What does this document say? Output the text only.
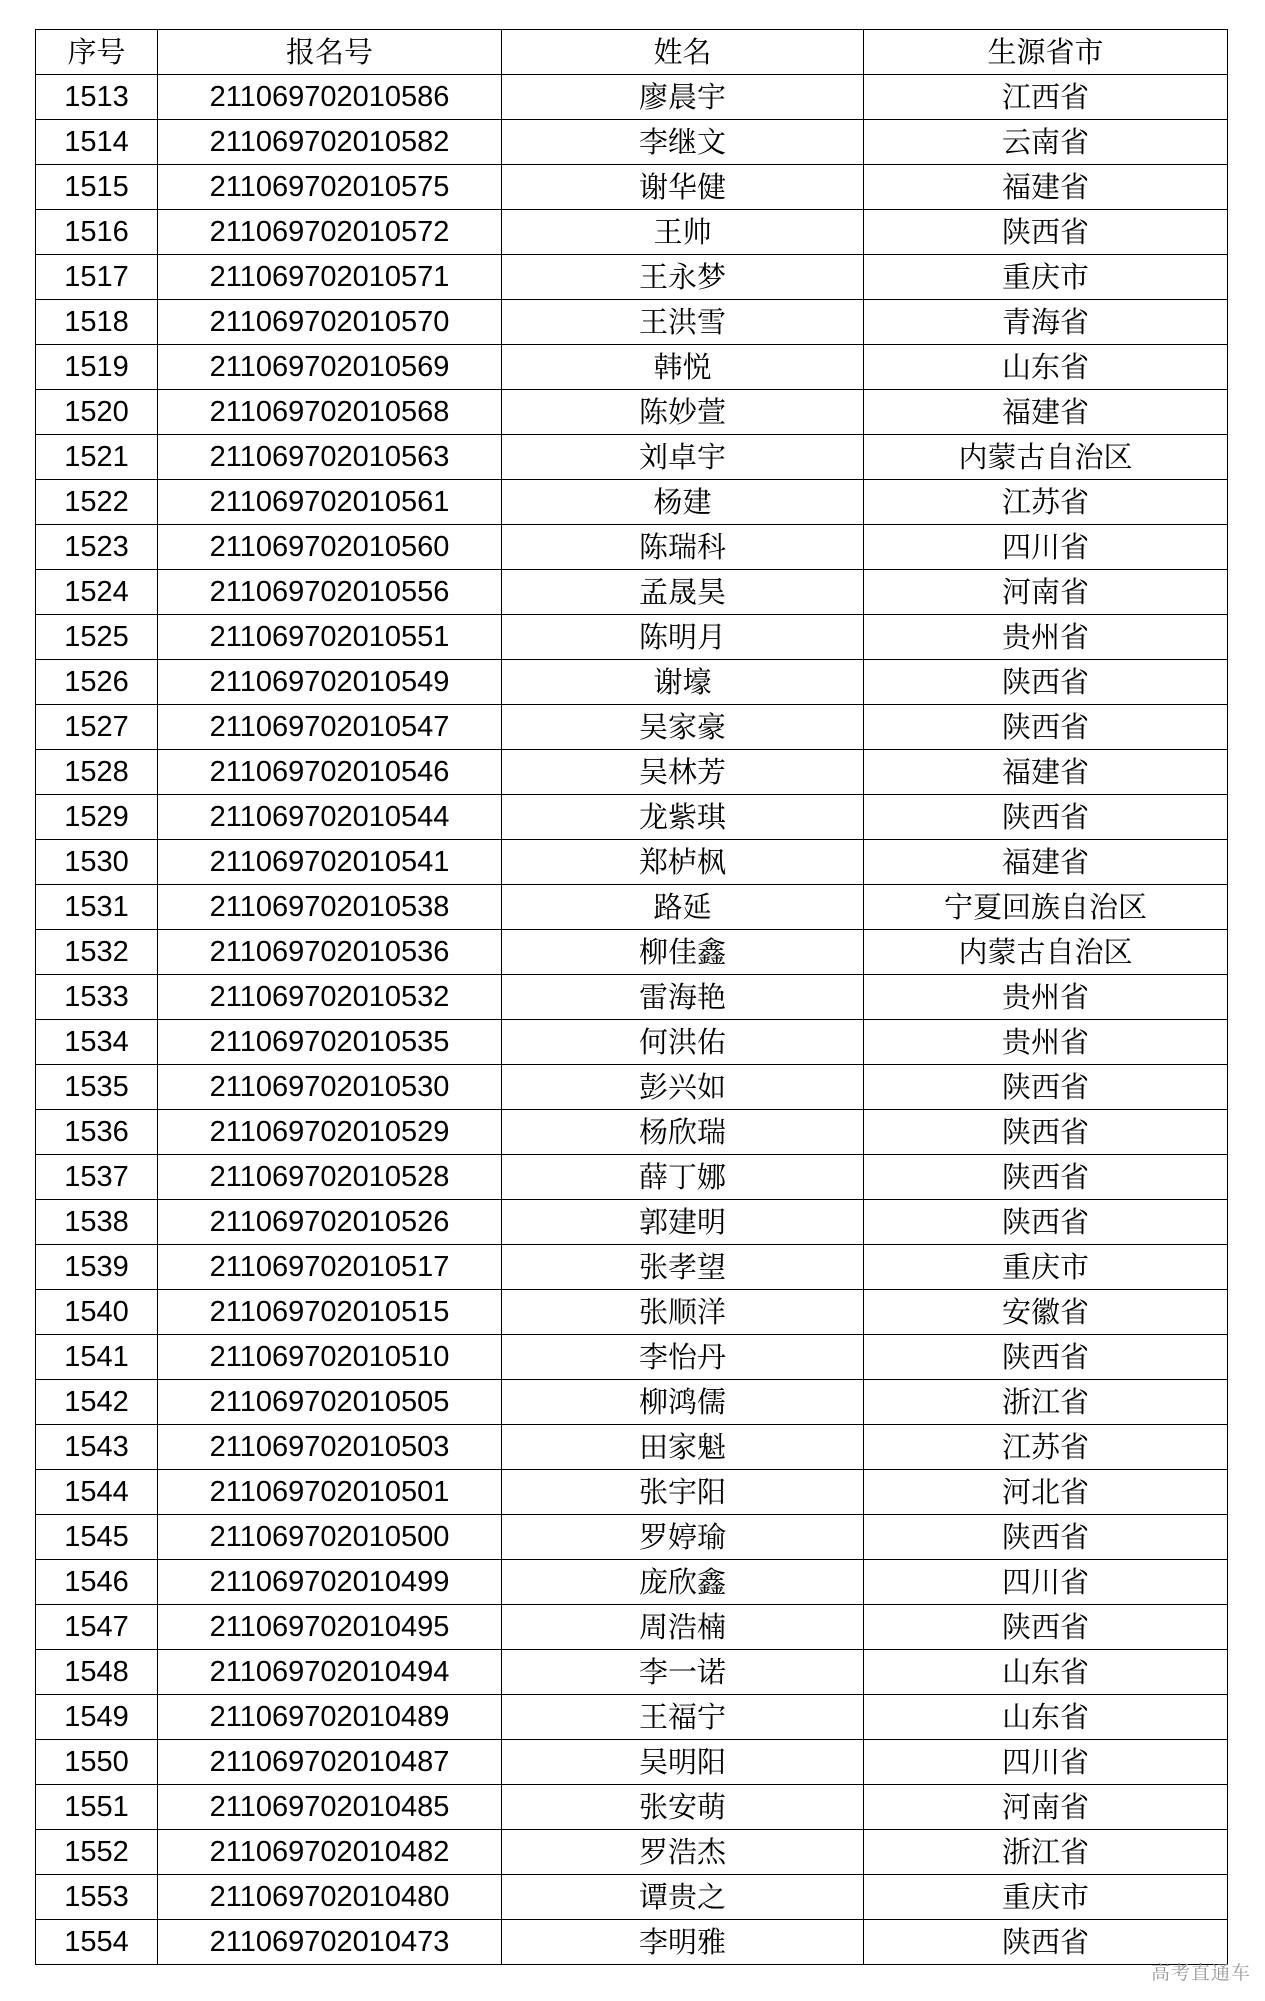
序号	报名号	姓名	生源省市
1513	211069702010586	廖晨宇	江西省
1514	211069702010582	李继文	云南省
1515	211069702010575	谢华健	福建省
1516	211069702010572	王帅	陕西省
1517	211069702010571	王永梦	重庆市
1518	211069702010570	王洪雪	青海省
1519	211069702010569	韩悦	山东省
1520	211069702010568	陈妙萱	福建省
1521	211069702010563	刘卓宇	内蒙古自治区
1522	211069702010561	杨建	江苏省
1523	211069702010560	陈瑞科	四川省
1524	211069702010556	孟晟昊	河南省
1525	211069702010551	陈明月	贵州省
1526	211069702010549	谢壕	陕西省
1527	211069702010547	吴家豪	陕西省
1528	211069702010546	吴林芳	福建省
1529	211069702010544	龙紫琪	陕西省
1530	211069702010541	郑栌枫	福建省
1531	211069702010538	路延	宁夏回族自治区
1532	211069702010536	柳佳鑫	内蒙古自治区
1533	211069702010532	雷海艳	贵州省
1534	211069702010535	何洪佑	贵州省
1535	211069702010530	彭兴如	陕西省
1536	211069702010529	杨欣瑞	陕西省
1537	211069702010528	薛丁娜	陕西省
1538	211069702010526	郭建明	陕西省
1539	211069702010517	张孝望	重庆市
1540	211069702010515	张顺洋	安徽省
1541	211069702010510	李怡丹	陕西省
1542	211069702010505	柳鸿儒	浙江省
1543	211069702010503	田家魁	江苏省
1544	211069702010501	张宇阳	河北省
1545	211069702010500	罗婷瑜	陕西省
1546	211069702010499	庞欣鑫	四川省
1547	211069702010495	周浩楠	陕西省
1548	211069702010494	李一诺	山东省
1549	211069702010489	王福宁	山东省
1550	211069702010487	吴明阳	四川省
1551	211069702010485	张安萌	河南省
1552	211069702010482	罗浩杰	浙江省
1553	211069702010480	谭贵之	重庆市
1554	211069702010473	李明雅	陕西省
高考直通车
